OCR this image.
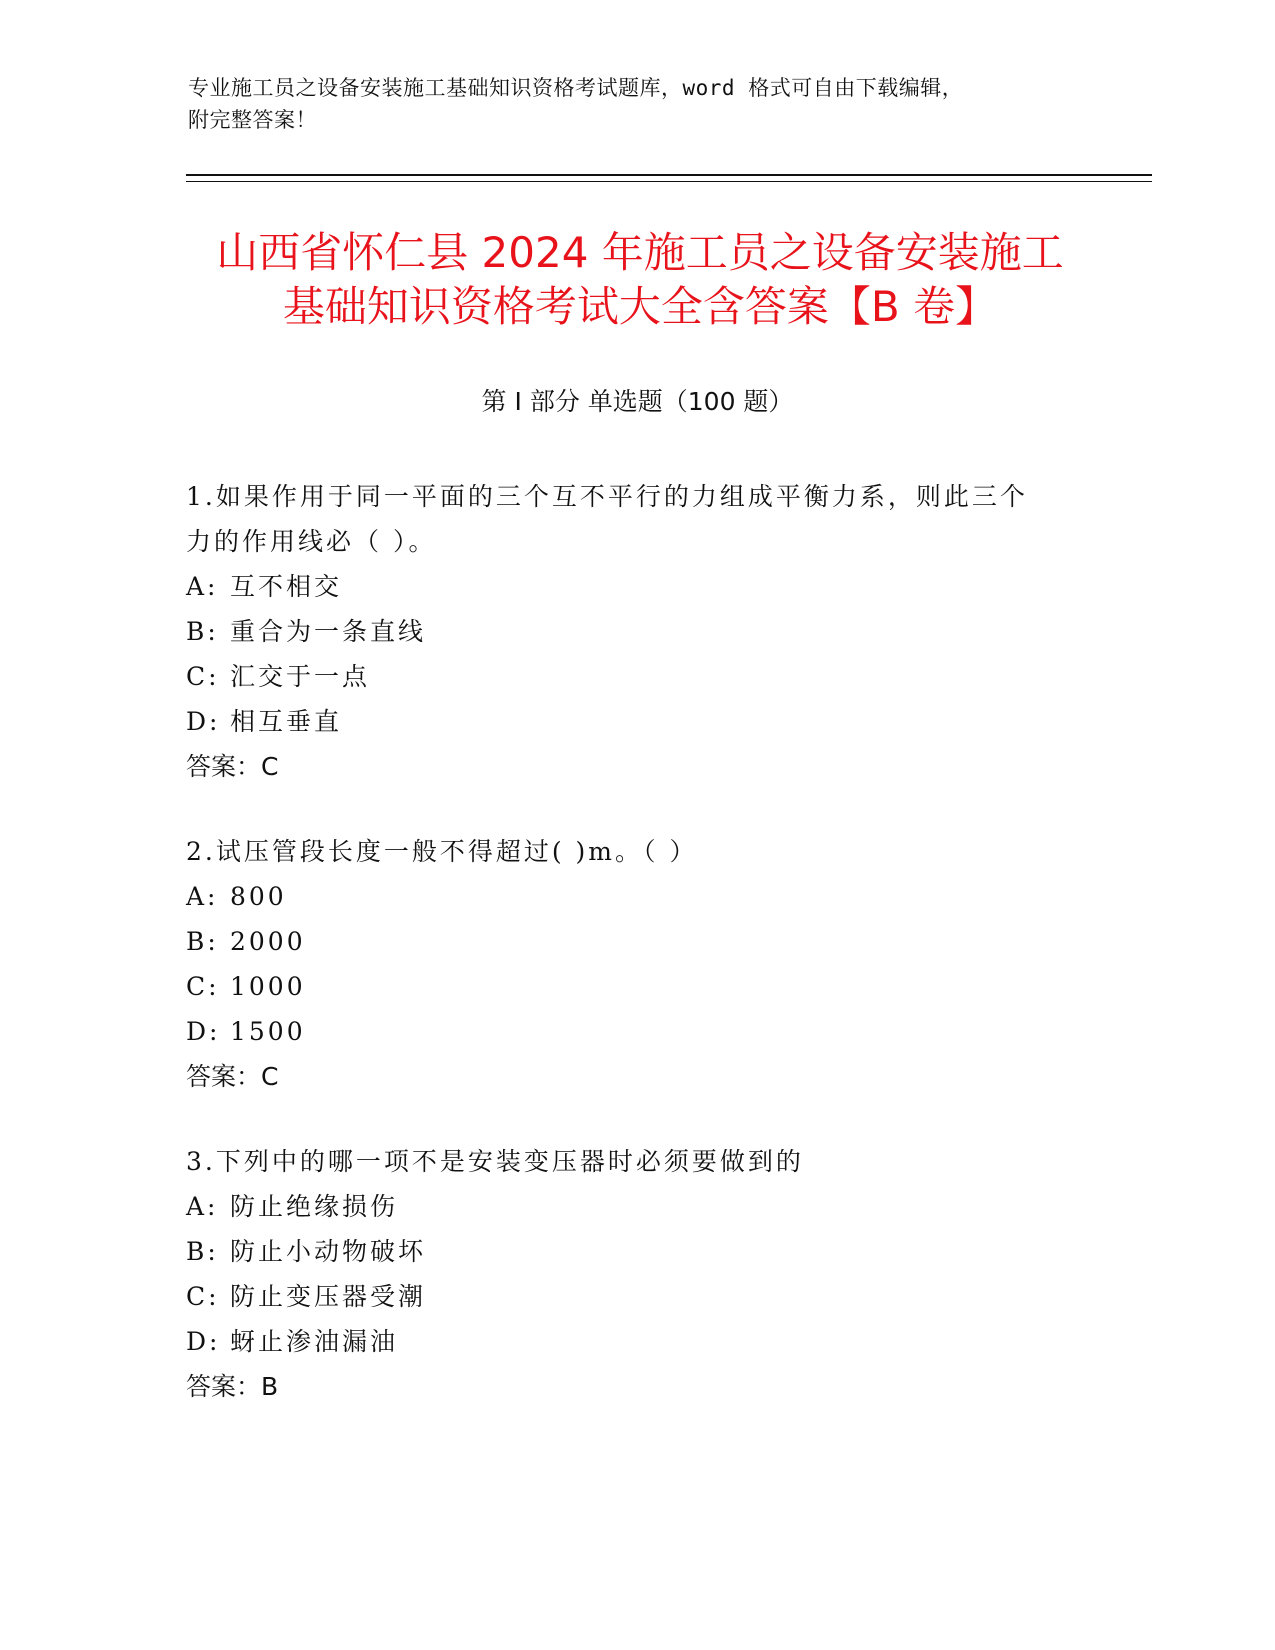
专业施工员之设备安装施工基础知识资格考试题库，word 格式可自由下载编辑，
附完整答案！
山西省怀仁县 2024 年施工员之设备安装施工
基础知识资格考试大全含答案【B 卷】
第 I 部分 单选题（100 题）
1.如果作用于同一平面的三个互不平行的力组成平衡力系，则此三个
力的作用线必（ ）。
A: 互不相交
B: 重合为一条直线
C: 汇交于一点
D: 相互垂直
答案：C
2.试压管段长度一般不得超过( )m。（ ）
A: 800
B: 2000
C: 1000
D: 1500
答案：C
3.下列中的哪一项不是安装变压器时必须要做到的
A: 防止绝缘损伤
B: 防止小动物破坏
C: 防止变压器受潮
D: 蚜止渗油漏油
答案：B
